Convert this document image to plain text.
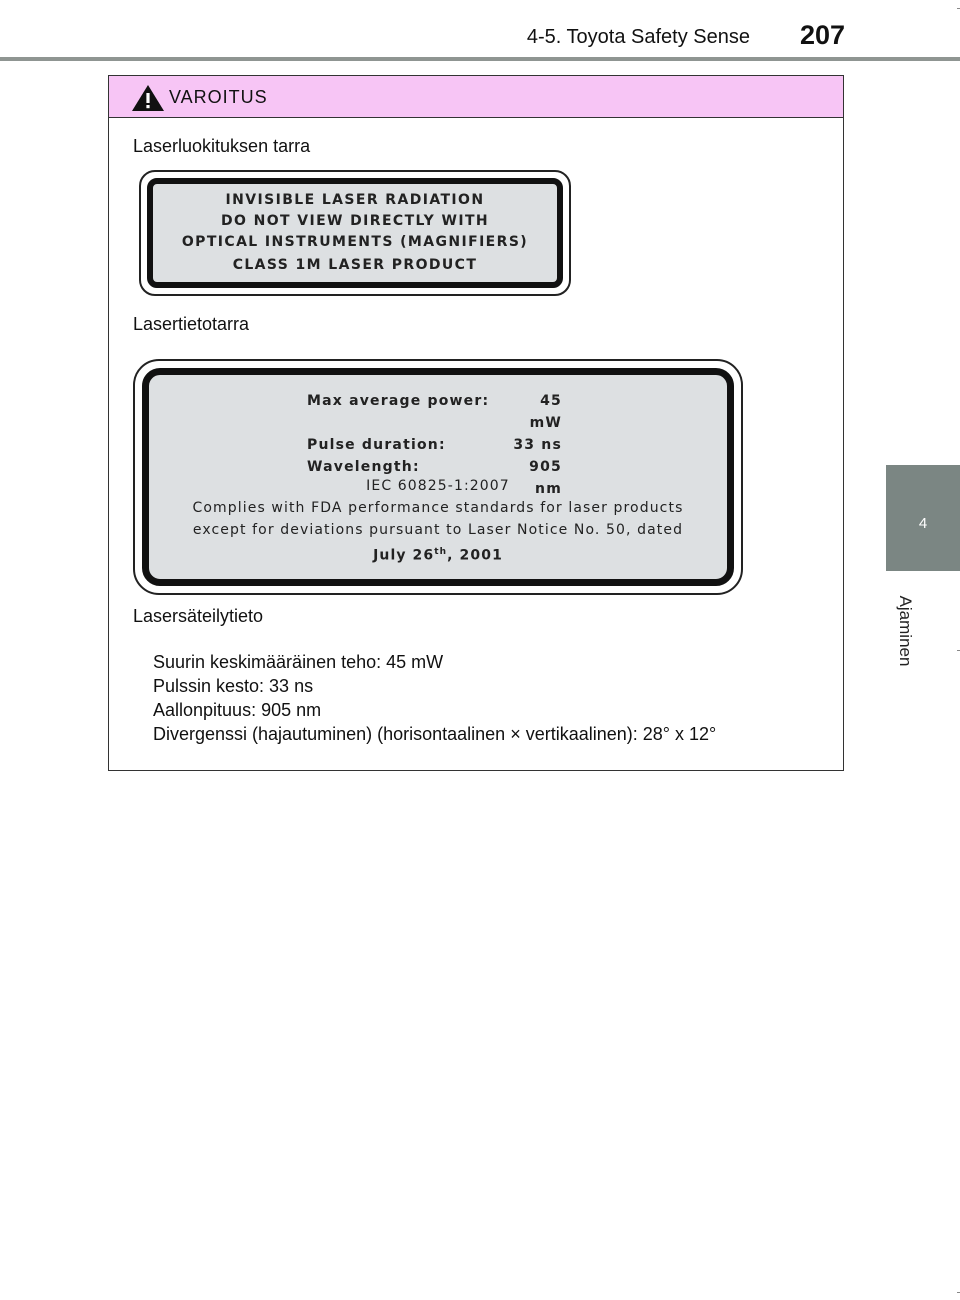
4-5. Toyota Safety Sense 207
4
Ajaminen
VAROITUS
Laserluokituksen tarra
INVISIBLE LASER RADIATION
DO NOT VIEW DIRECTLY WITH
OPTICAL INSTRUMENTS (MAGNIFIERS)
CLASS 1M LASER PRODUCT
Lasertietotarra
Max average power:	45 mW
Pulse duration:	33 ns
Wavelength:	905 nm
IEC 60825-1:2007
Complies with FDA performance standards for laser products
except for deviations pursuant to Laser Notice No. 50, dated
July 26th, 2001
Lasersäteilytieto
Suurin keskimääräinen teho: 45 mW
Pulssin kesto: 33 ns
Aallonpituus: 905 nm
Divergenssi (hajautuminen) (horisontaalinen × vertikaalinen): 28° x 12°
